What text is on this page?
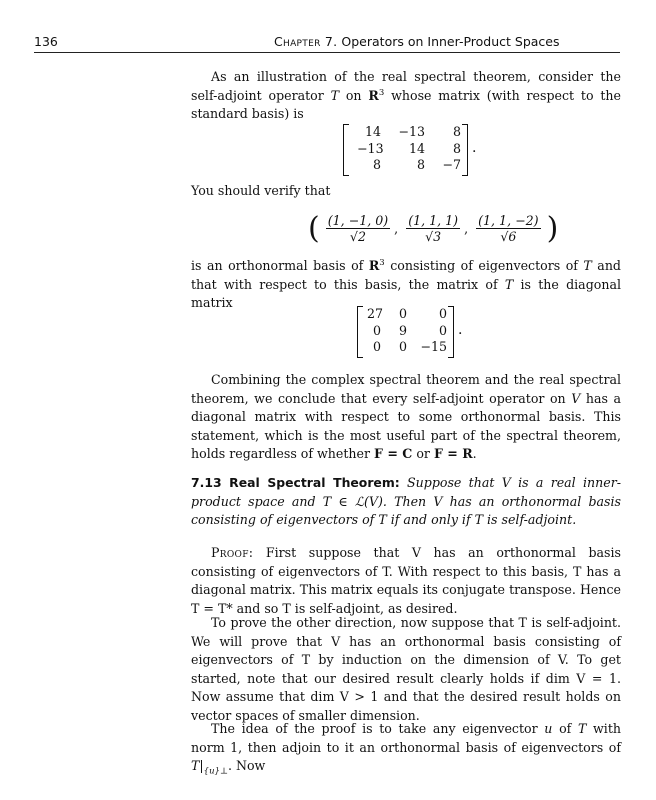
136	Chapter 7. Operators on Inner-Product Spaces
As an illustration of the real spectral theorem, consider the self-adjoint operator T on $R^3$ whose matrix (with respect to the standard basis) is
14	−13	8
−13	14	8
8	8	−7
.
You should verify that
( $\frac{(1, -1, 0)}{√2}$ , $\frac{(1, 1, 1)}{√3}$ , $\frac{(1, 1, -2)}{√6}$ )
is an orthonormal basis of $R^3$ consisting of eigenvectors of T and that with respect to this basis, the matrix of T is the diagonal matrix
27	0	0
0	9	0
0	0	−15
.
Combining the complex spectral theorem and the real spectral theorem, we conclude that every self-adjoint operator on V has a diagonal matrix with respect to some orthonormal basis. This statement, which is the most useful part of the spectral theorem, holds regardless of whether F = C or F = R.
7.13 Real Spectral Theorem: Suppose that V is a real inner-product space and T ∈ ℒ(V). Then V has an orthonormal basis consisting of eigenvectors of T if and only if T is self-adjoint.
Proof: First suppose that V has an orthonormal basis consisting of eigenvectors of T. With respect to this basis, T has a diagonal matrix. This matrix equals its conjugate transpose. Hence T = T* and so T is self-adjoint, as desired.
To prove the other direction, now suppose that T is self-adjoint. We will prove that V has an orthonormal basis consisting of eigenvectors of T by induction on the dimension of V. To get started, note that our desired result clearly holds if dim V = 1. Now assume that dim V > 1 and that the desired result holds on vector spaces of smaller dimension.
The idea of the proof is to take any eigenvector u of T with norm 1, then adjoin to it an orthonormal basis of eigenvectors of $T|_{\{u\}\perp}$. Now
